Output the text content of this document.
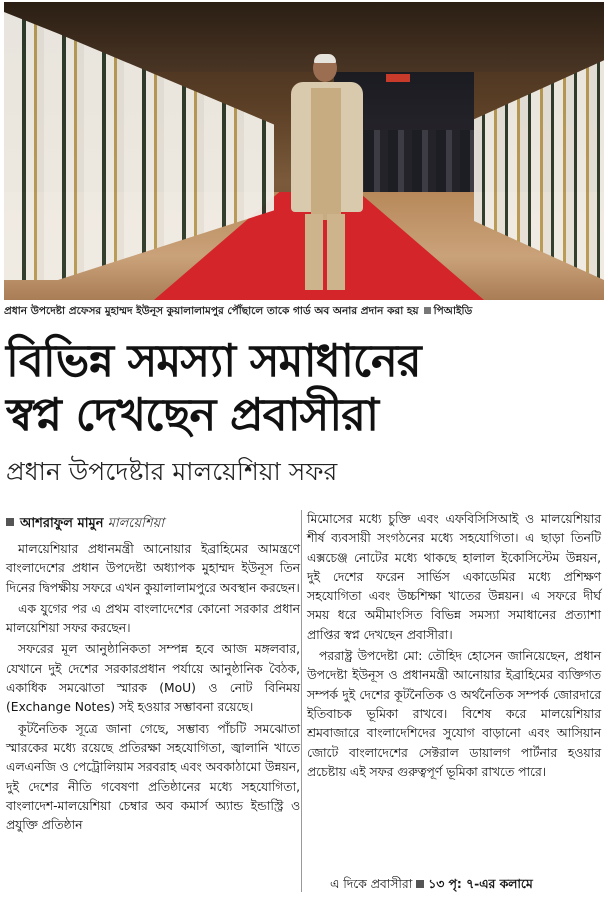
প্রধান উপদেষ্টা প্রফেসর মুহাম্মদ ইউনূস কুয়ালালামপুর পৌঁছালে তাকে গার্ড অব অনার প্রদান করা হয় পিআইডি
বিভিন্ন সমস্যা সমাধানের
স্বপ্ন দেখছেন প্রবাসীরা
প্রধান উপদেষ্টার মালয়েশিয়া সফর
আশরাফুল মামুন মালয়েশিয়া

মালয়েশিয়ার প্রধানমন্ত্রী আনোয়ার ইব্রাহিমের আমন্ত্রণে বাংলাদেশের প্রধান উপদেষ্টা অধ্যাপক মুহাম্মদ ইউনূস তিন দিনের দ্বিপক্ষীয় সফরে এখন কুয়ালালামপুরে অবস্থান করছেন।

এক যুগের পর এ প্রথম বাংলাদেশের কোনো সরকার প্রধান মালয়েশিয়া সফর করছেন।

সফরের মূল আনুষ্ঠানিকতা সম্পন্ন হবে আজ মঙ্গলবার, যেখানে দুই দেশের সরকারপ্রধান পর্যায়ে আনুষ্ঠানিক বৈঠক, একাধিক সমঝোতা স্মারক (MoU) ও নোট বিনিময় (Exchange Notes) সই হওয়ার সম্ভাবনা রয়েছে।

কূটনৈতিক সূত্রে জানা গেছে, সম্ভাব্য পাঁচটি সমঝোতা স্মারকের মধ্যে রয়েছে প্রতিরক্ষা সহযোগিতা, জ্বালানি খাতে এলএনজি ও পেট্রোলিয়াম সরবরাহ এবং অবকাঠামো উন্নয়ন, দুই দেশের নীতি গবেষণা প্রতিষ্ঠানের মধ্যে সহযোগিতা, বাংলাদেশ-মালয়েশিয়া চেম্বার অব কমার্স অ্যান্ড ইন্ডাস্ট্রি ও প্রযুক্তি প্রতিষ্ঠান

মিমোসের মধ্যে চুক্তি এবং এফবিসিসিআই ও মালয়েশিয়ার শীর্ষ ব্যবসায়ী সংগঠনের মধ্যে সহযোগিতা। এ ছাড়া তিনটি এক্সচেঞ্জ নোটের মধ্যে থাকছে হালাল ইকোসিস্টেম উন্নয়ন, দুই দেশের ফরেন সার্ভিস একাডেমির মধ্যে প্রশিক্ষণ সহযোগিতা এবং উচ্চশিক্ষা খাতের উন্নয়ন। এ সফরে দীর্ঘ সময় ধরে অমীমাংসিত বিভিন্ন সমস্যা সমাধানের প্রত্যাশা প্রাপ্তির স্বপ্ন দেখছেন প্রবাসীরা।

পররাষ্ট্র উপদেষ্টা মো: তৌহিদ হোসেন জানিয়েছেন, প্রধান উপদেষ্টা ইউনূস ও প্রধানমন্ত্রী আনোয়ার ইব্রাহিমের ব্যক্তিগত সম্পর্ক দুই দেশের কূটনৈতিক ও অর্থনৈতিক সম্পর্ক জোরদারে ইতিবাচক ভূমিকা রাখবে। বিশেষ করে মালয়েশিয়ার শ্রমবাজারে বাংলাদেশিদের সুযোগ বাড়ানো এবং আসিয়ান জোটে বাংলাদেশের সেক্টরাল ডায়ালগ পার্টনার হওয়ার প্রচেষ্টায় এই সফর গুরুত্বপূর্ণ ভূমিকা রাখতে পারে।

এ দিকে প্রবাসীরা ১৩ পৃ: ৭-এর কলামে
